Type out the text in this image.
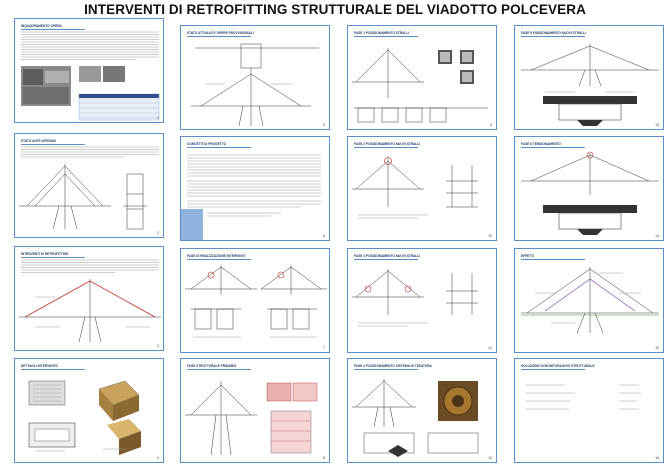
INTERVENTI DI RETROFITTING STRUTTURALE DEL VIADOTTO POLCEVERA
INQUADRAMENTO OPERA
1
STATO ANTE-OPERAM
2
INTERVENTI DI RETROFITTING
3
DETTAGLI INTERVENTO
4
STATO ATTUALE E OPERE PROVVISIONALI
5
CONCETTI DI PROGETTO
6
FASE DI REALIZZAZIONE INTERVENTI
7
FASE STRUTTURALE PRIMARIA
8
FASE 1 POSIZIONAMENTO STRALLI
9
FASE 2 POSIZIONAMENTO NUOVI STRALLI
10
FASE 3 POSIZIONAMENTO NUOVI STRALLI
11
FASE 4 POSIZIONAMENTO SISTEMA DI TESATURA
12
FASE 5 FUNZIONAMENTO NUOVI STRALLI
13
FASE 6 TENSIONAMENTO
14
EFFETTI
15
SOLUZIONE DI MONITORAGGIO STRUTTURALE
16
